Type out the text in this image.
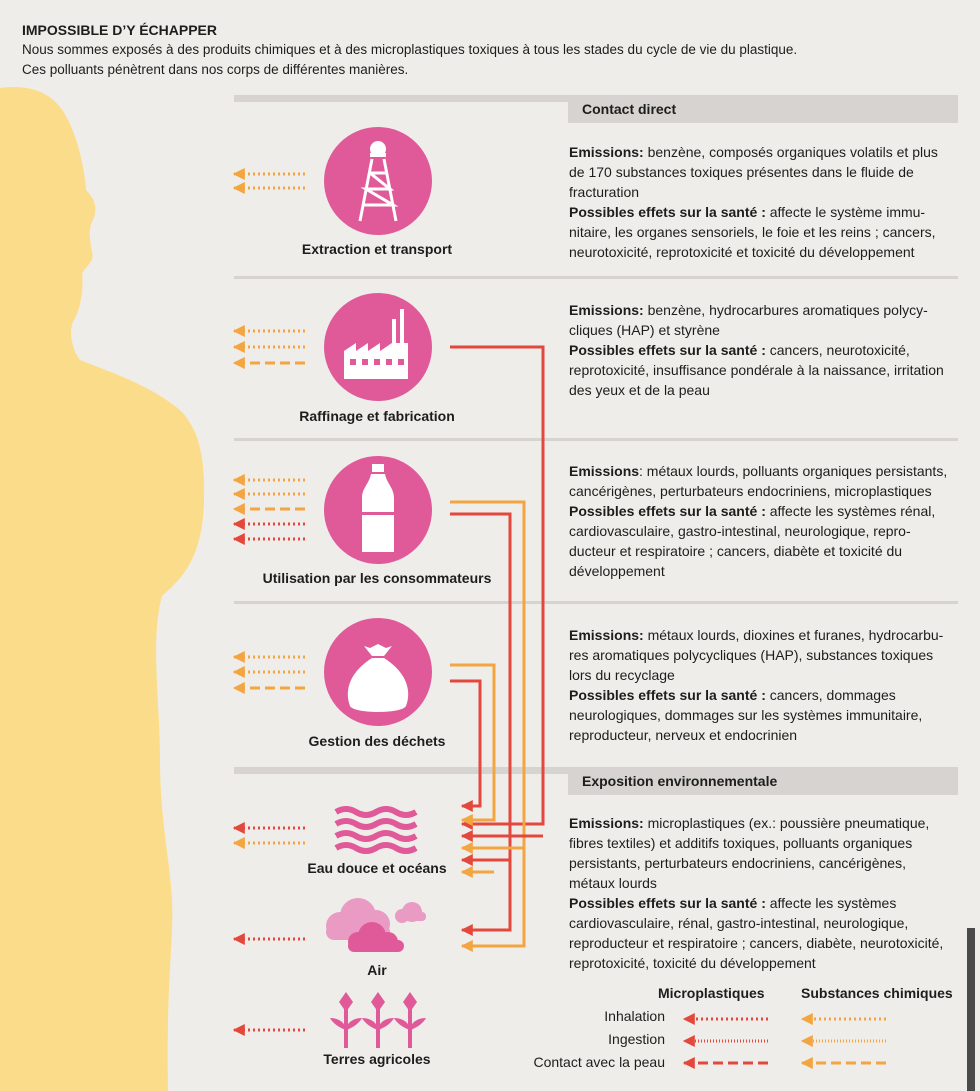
IMPOSSIBLE D’Y ÉCHAPPER
Nous sommes exposés à des produits chimiques et à des microplastiques toxiques à tous les stades du cycle de vie du plastique.
Ces polluants pénètrent dans nos corps de différentes manières.
Contact direct
Exposition environnementale
Extraction et transport
Raffinage et fabrication
Utilisation par les consommateurs
Gestion des déchets
Eau douce et océans
Air
Terres agricoles
Emissions: benzène, composés organiques volatils et plus
de 170 substances toxiques présentes dans le fluide de
fracturation
Possibles effets sur la santé : affecte le système immu-
nitaire, les organes sensoriels, le foie et les reins ; cancers,
neurotoxicité, reprotoxicité et toxicité du développement
Emissions: benzène, hydrocarbures aromatiques polycy-
cliques (HAP) et styrène
Possibles effets sur la santé : cancers, neurotoxicité,
reprotoxicité, insuffisance pondérale à la naissance, irritation
des yeux et de la peau
Emissions: métaux lourds, polluants organiques persistants,
cancérigènes, perturbateurs endocriniens, microplastiques
Possibles effets sur la santé : affecte les systèmes rénal,
cardiovasculaire, gastro-intestinal, neurologique, repro-
ducteur et respiratoire ; cancers, diabète et toxicité du
développement
Emissions: métaux lourds, dioxines et furanes, hydrocarbu-
res aromatiques polycycliques (HAP), substances toxiques
lors du recyclage
Possibles effets sur la santé : cancers, dommages
neurologiques, dommages sur les systèmes immunitaire,
reproducteur, nerveux et endocrinien
Emissions: microplastiques (ex.: poussière pneumatique,
fibres textiles) et additifs toxiques, polluants organiques
persistants, perturbateurs endocriniens, cancérigènes,
métaux lourds
Possibles effets sur la santé : affecte les systèmes
cardiovasculaire, rénal, gastro-intestinal, neurologique,
reproducteur et respiratoire ; cancers, diabète, neurotoxicité,
reprotoxicité, toxicité du développement
Microplastiques	Substances chimiques
Inhalation
Ingestion
Contact avec la peau
